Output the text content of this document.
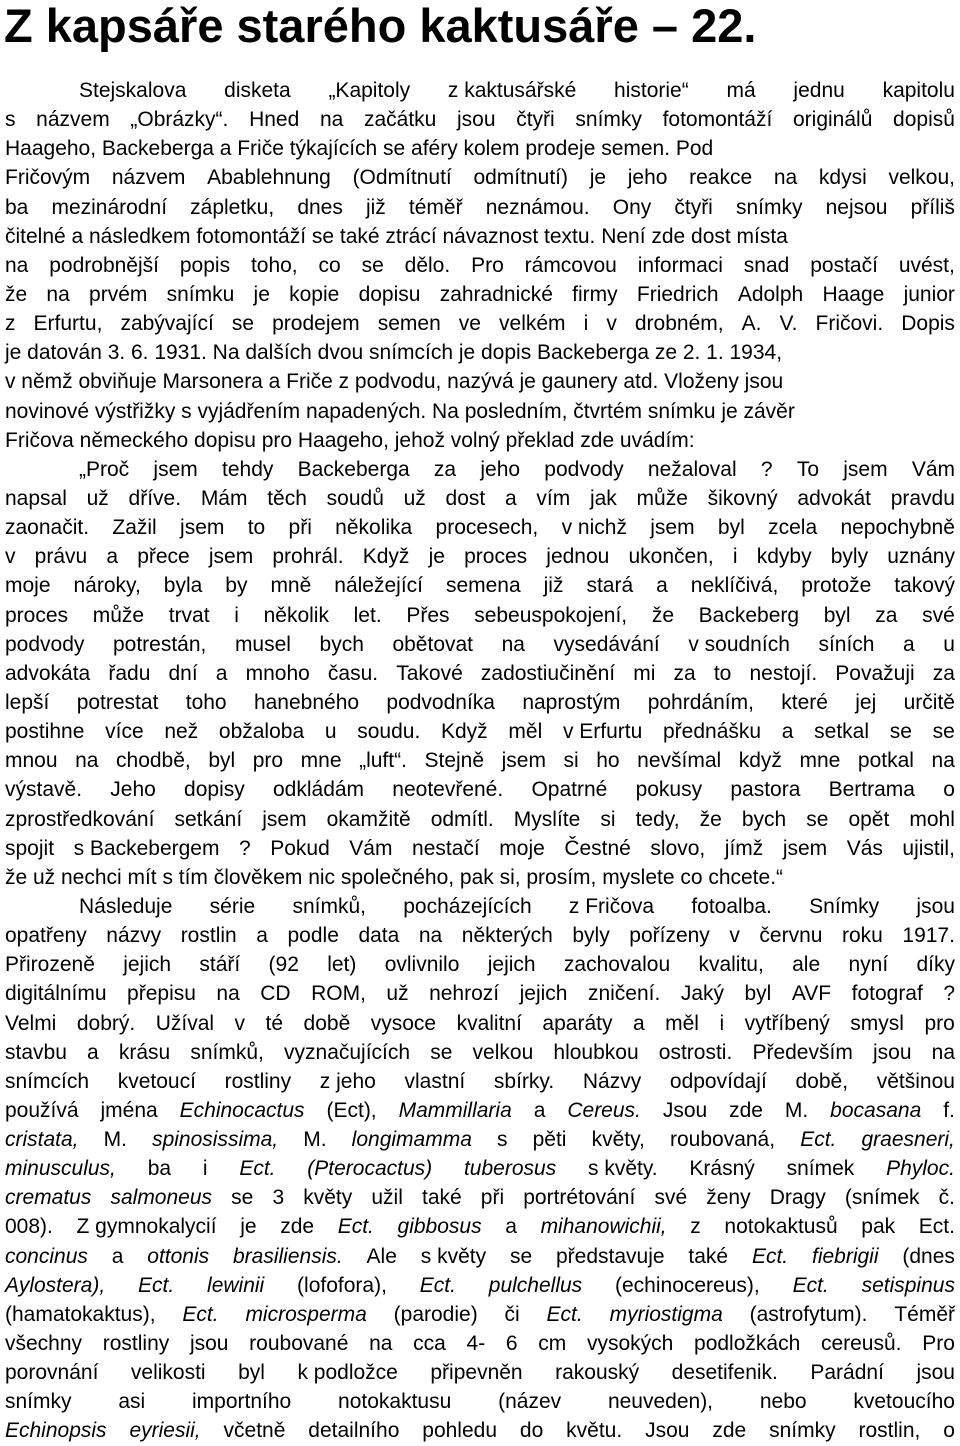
Z kapsáře starého kaktusáře – 22.
Stejskalova disketa „Kapitoly z kaktusářské historie“ má jednu kapitolu
s názvem „Obrázky“. Hned na začátku jsou čtyři snímky fotomontáží originálů dopisů
Haageho, Backeberga a Friče týkajících se aféry kolem prodeje semen. Pod
Fričovým názvem Abablehnung (Odmítnutí odmítnutí) je jeho reakce na kdysi velkou,
ba mezinárodní zápletku, dnes již téměř neznámou. Ony čtyři snímky nejsou příliš
čitelné a následkem fotomontáží se také ztrácí návaznost textu. Není zde dost místa
na podrobnější popis toho, co se dělo. Pro rámcovou informaci snad postačí uvést,
že na prvém snímku je kopie dopisu zahradnické firmy Friedrich Adolph Haage junior
z Erfurtu, zabývající se prodejem semen ve velkém i v drobném, A. V. Fričovi. Dopis
je datován 3. 6. 1931. Na dalších dvou snímcích je dopis Backeberga ze 2. 1. 1934,
v němž obviňuje Marsonera a Friče z podvodu, nazývá je gaunery atd. Vloženy jsou
novinové výstřižky s vyjádřením napadených. Na posledním, čtvrtém snímku je závěr
Fričova německého dopisu pro Haageho, jehož volný překlad zde uvádím:
„Proč jsem tehdy Backeberga za jeho podvody nežaloval ? To jsem Vám
napsal už dříve. Mám těch soudů už dost a vím jak může šikovný advokát pravdu
zaonačit. Zažil jsem to při několika procesech, v nichž jsem byl zcela nepochybně
v právu a přece jsem prohrál. Když je proces jednou ukončen, i kdyby byly uznány
moje nároky, byla by mně náležející semena již stará a neklíčivá, protože takový
proces může trvat i několik let. Přes sebeuspokojení, že Backeberg byl za své
podvody potrestán, musel bych obětovat na vysedávání v soudních síních a u
advokáta řadu dní a mnoho času. Takové zadostiučinění mi za to nestojí. Považuji za
lepší potrestat toho hanebného podvodníka naprostým pohrdáním, které jej určitě
postihne více než obžaloba u soudu. Když měl v Erfurtu přednášku a setkal se se
mnou na chodbě, byl pro mne „luft“. Stejně jsem si ho nevšímal když mne potkal na
výstavě. Jeho dopisy odkládám neotevřené. Opatrné pokusy pastora Bertrama o
zprostředkování setkání jsem okamžitě odmítl. Myslíte si tedy, že bych se opět mohl
spojit s Backebergem ? Pokud Vám nestačí moje Čestné slovo, jímž jsem Vás ujistil,
že už nechci mít s tím člověkem nic společného, pak si, prosím, myslete co chcete.“
Následuje série snímků, pocházejících z Fričova fotoalba. Snímky jsou
opatřeny názvy rostlin a podle data na některých byly pořízeny v červnu roku 1917.
Přirozeně jejich stáří (92 let) ovlivnilo jejich zachovalou kvalitu, ale nyní díky
digitálnímu přepisu na CD ROM, už nehrozí jejich zničení. Jaký byl AVF fotograf ?
Velmi dobrý. Užíval v té době vysoce kvalitní aparáty a měl i vytříbený smysl pro
stavbu a krásu snímků, vyznačujících se velkou hloubkou ostrosti. Především jsou na
snímcích kvetoucí rostliny z jeho vlastní sbírky. Názvy odpovídají době, většinou
používá jména Echinocactus (Ect), Mammillaria a Cereus. Jsou zde M. bocasana f.
cristata, M. spinosissima, M. longimamma s pěti květy, roubovaná, Ect. graesneri,
minusculus, ba i Ect. (Pterocactus) tuberosus s květy. Krásný snímek Phyloc.
crematus salmoneus se 3 květy užil také při portrétování své ženy Dragy (snímek č.
008). Z gymnokalycií je zde Ect. gibbosus a mihanowichii, z notokaktusů pak Ect.
concinus a ottonis brasiliensis. Ale s květy se představuje také Ect. fiebrigii (dnes
Aylostera), Ect. lewinii (lofofora), Ect. pulchellus (echinocereus), Ect. setispinus
(hamatokaktus), Ect. microsperma (parodie) či Ect. myriostigma (astrofytum). Téměř
všechny rostliny jsou roubované na cca 4- 6 cm vysokých podložkách cereusů. Pro
porovnání velikosti byl k podložce připevněn rakouský desetifenik. Parádní jsou
snímky asi importního notokaktusu (název neuveden), nebo kvetoucího
Echinopsis eyriesii, včetně detailního pohledu do květu. Jsou zde snímky rostlin, o
